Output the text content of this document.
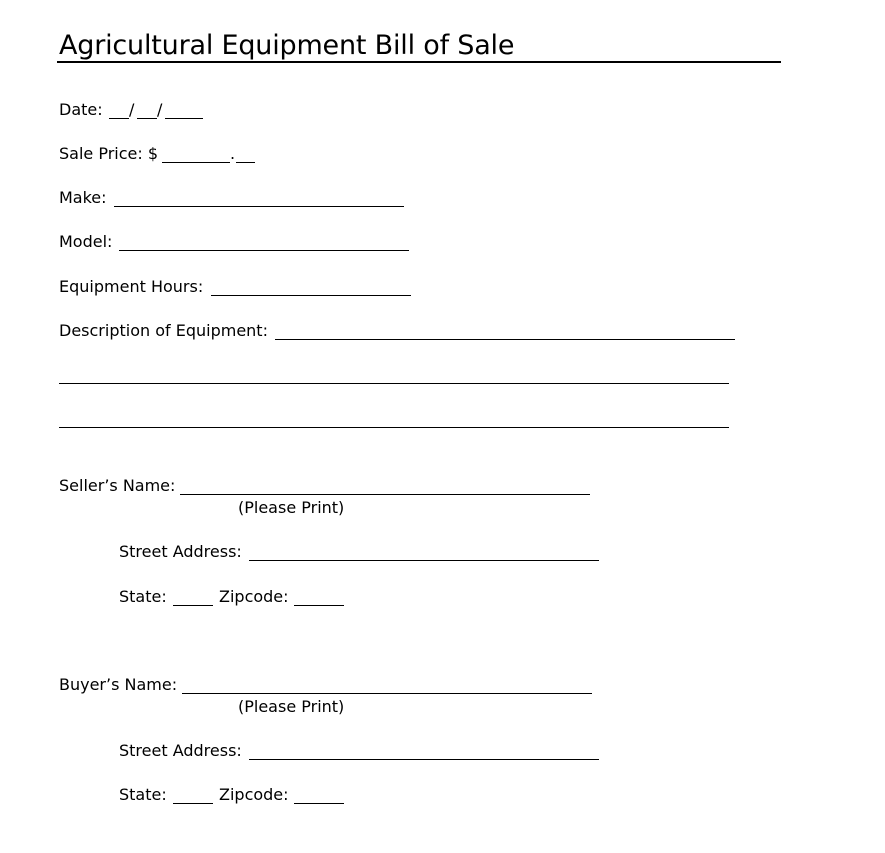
Agricultural Equipment Bill of Sale
Date: / /
Sale Price: $	.
Make:
Model:
Equipment Hours:
Description of Equipment:
Seller’s Name:
(Please Print)
Street Address:
State:	Zipcode:
Buyer’s Name:
(Please Print)
Street Address:
State:	Zipcode:
